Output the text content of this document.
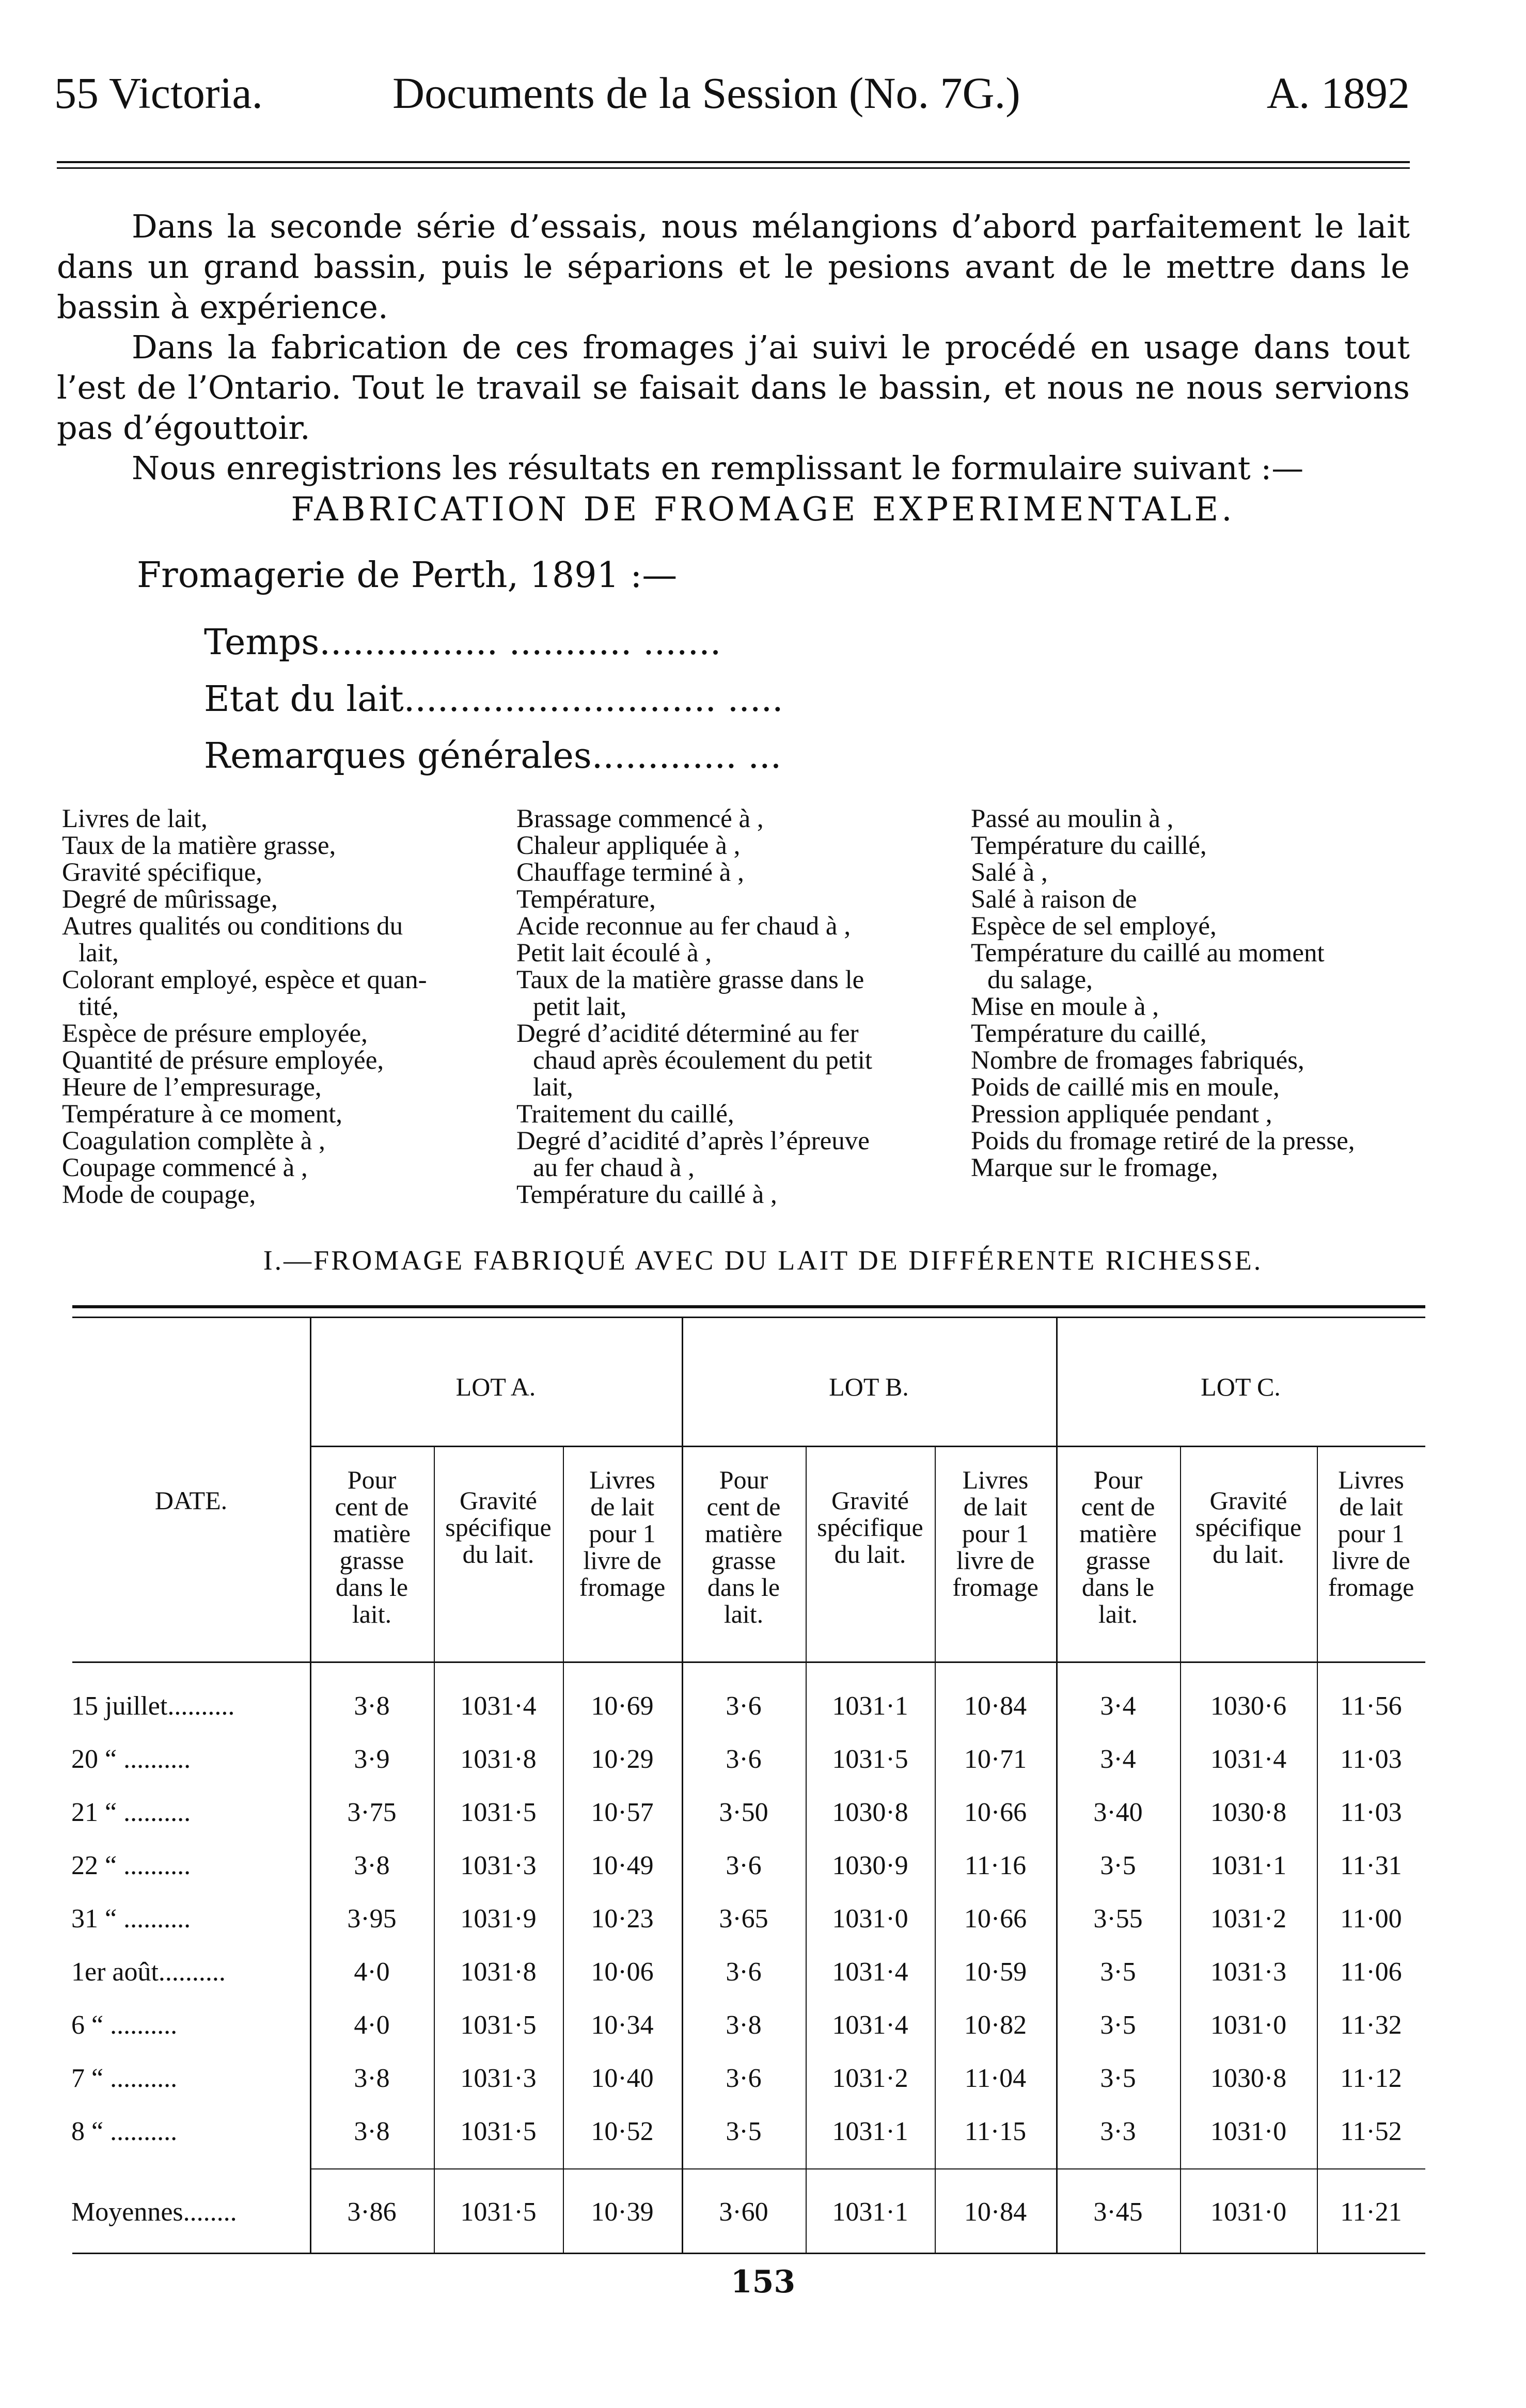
55 Victoria.	Documents de la Session (No. 7G.)	A. 1892

Dans la seconde série d’essais, nous mélangions d’abord parfaitement le lait dans un grand bassin, puis le séparions et le pesions avant de le mettre dans le bassin à expérience.

Dans la fabrication de ces fromages j’ai suivi le procédé en usage dans tout l’est de l’Ontario. Tout le travail se faisait dans le bassin, et nous ne nous servions pas d’égouttoir.

Nous enregistrions les résultats en remplissant le formulaire suivant :—

FABRICATION DE FROMAGE EXPERIMENTALE.
Fromagerie de Perth, 1891 :—
Temps................ ........... .......
Etat du lait............................ .....
Remarques générales............. ...
Livres de lait,
Taux de la matière grasse,
Gravité spécifique,
Degré de mûrissage,
Autres qualités ou conditions du
lait,
Colorant employé, espèce et quan-
tité,
Espèce de présure employée,
Quantité de présure employée,
Heure de l’empresurage,
Température à ce moment,
Coagulation complète à ,
Coupage commencé à ,
Mode de coupage,
Brassage commencé à ,
Chaleur appliquée à ,
Chauffage terminé à ,
Température,
Acide reconnue au fer chaud à ,
Petit lait écoulé à ,
Taux de la matière grasse dans le
petit lait,
Degré d’acidité déterminé au fer
chaud après écoulement du petit
lait,
Traitement du caillé,
Degré d’acidité d’après l’épreuve
au fer chaud à ,
Température du caillé à ,
Passé au moulin à ,
Température du caillé,
Salé à ,
Salé à raison de
Espèce de sel employé,
Température du caillé au moment
du salage,
Mise en moule à ,
Température du caillé,
Nombre de fromages fabriqués,
Poids de caillé mis en moule,
Pression appliquée pendant ,
Poids du fromage retiré de la presse,
Marque sur le fromage,
I.—FROMAGE FABRIQUÉ AVEC DU LAIT DE DIFFÉRENTE RICHESSE.
DATE.
LOT A.	LOT B.	LOT C.
Pour
cent de
matière
grasse
dans le
lait.
Gravité
spécifique
du lait.
Livres
de lait
pour 1
livre de
fromage
Pour
cent de
matière
grasse
dans le
lait.
Gravité
spécifique
du lait.
Livres
de lait
pour 1
livre de
fromage
Pour
cent de
matière
grasse
dans le
lait.
Gravité
spécifique
du lait.
Livres
de lait
pour 1
livre de
fromage
15 juillet..........	3·8	1031·4	10·69	3·6	1031·1	10·84	3·4	1030·6	11·56
20 “ ..........	3·9	1031·8	10·29	3·6	1031·5	10·71	3·4	1031·4	11·03
21 “ ..........	3·75	1031·5	10·57	3·50	1030·8	10·66	3·40	1030·8	11·03
22 “ ..........	3·8	1031·3	10·49	3·6	1030·9	11·16	3·5	1031·1	11·31
31 “ ..........	3·95	1031·9	10·23	3·65	1031·0	10·66	3·55	1031·2	11·00
1er août..........	4·0	1031·8	10·06	3·6	1031·4	10·59	3·5	1031·3	11·06
6 “ ..........	4·0	1031·5	10·34	3·8	1031·4	10·82	3·5	1031·0	11·32
7 “ ..........	3·8	1031·3	10·40	3·6	1031·2	11·04	3·5	1030·8	11·12
8 “ ..........	3·8	1031·5	10·52	3·5	1031·1	11·15	3·3	1031·0	11·52
Moyennes........	3·86	1031·5	10·39	3·60	1031·1	10·84	3·45	1031·0	11·21
153
